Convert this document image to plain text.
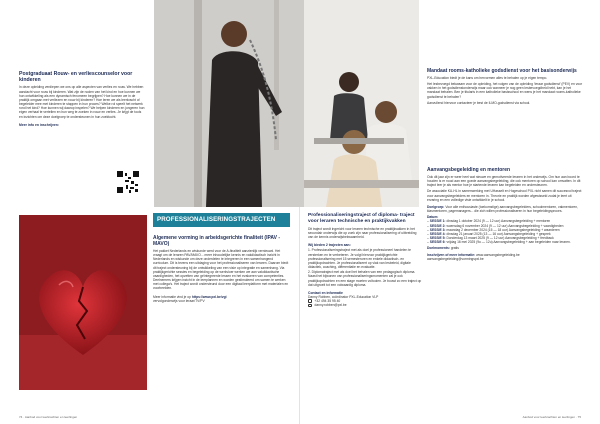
Postgraduaat Rouw- en verliescounselor voor kinderen

In deze opleiding verdiepen we ons op alle aspecten van verlies en rouw. We hebben aandacht voor rouw bij kinderen. Wat zijn de noden van het kind en hoe kunnen we hun ontwikkeling als een dynamisch fenomeen begrijpen? Hoe kunnen we in de praktijk omgaan met verliezen en rouw bij kinderen? Hoe leren we als leerkracht of begeleider mee met kinderen te stappen in hun proces? Welke rol speelt het netwerk rond het kind? Hoe kunnen wij daarop inspelen? We helpen kinderen en jongeren hun eigen verhaal te vertellen en hun weg te zoeken in rouw en verlies. Je krijgt de tools en inzichten om deze doelgroep te ondersteunen in hun zoektocht.

Meer info en inschrijven:

PROFESSIONALISERINGSTRAJECTEN

Algemene vorming in arbeidsgerichte finaliteit (IPAV - MAVO)

Het pakket Nederlands en wiskunde werd voor de A-finaliteit aanzienlijk vernieuwd. Het vraagt om de leraren PAV/MAVO... meer inhoudelijke kennis en vakdidactisch inzicht in Nederlands en wiskunde om deze onderdelen te integreren in een samenhangend curriculum. Dit is tevens een uitdaging voor het professionaliseren van leraren. Daarom biedt dit traject ondersteuning bij de ontwikkeling van een visie op integratie en samenhang. Via praktijkgerichte sessies en begeleiding op de werkvloer werken we aan vakdidactische vaardigheden, het opzetten van geïntegreerde lessen en het evalueren van competenties. Deelnemers krijgen inzicht in de leerplannen en worden gestimuleerd om samen te werken met collega's. Het traject wordt ondersteund door een digitaal leerplatform met materialen en voorbeelden.

Meer informatie vind je op https://www.pxl.be/vgi

vervolgonderwijs voor leraar/TV/PV

74 · Aanbod voor leerkrachten en leerlingen

Mandaat rooms-katholieke godsdienst voor het basisonderwijs

PXL-Education biedt je de kans om hervormen alles te behalen op je eigen tempo.

Het lesbevoegd bekwaam voor de opleiding, het volgen van de opleiding ‘leraar godsdienst’ (PEV) en voor vakken in het godsdienstonderwijs maar ook wanneer je nog geen lesbevoegdheid hebt, kan je het mandaat behalen. Ben je titularis in een katholieke basisschool en wens je het mandaat rooms-katholieke godsdienst te behalen?

Aanvullend hiervoor contacteer je best de ILMO-godsdienst via school.

Professionaliseringstraject of diploma- traject voor leraren technische en praktijkvakken

Dit traject wordt ingericht voor leraren technische en praktijkvakken in het secundair onderwijs die op zoek zijn naar professionalisering of uitbreiding van de kennis onderwijsbekwaamheid.

Wij bieden 2 trajecten aan:

1. Professionaliseringstraject met als doel je professioneel handelen te versterken en te verbeteren. Je volgt hiervoor praktijkgerichte professionalisering met 15 semesteruren en enkele didactisch- en praktijkopdrachten. Je professionaliseert op vlak van lesbeleid, digitale didactiek, coaching, differentiatie en evaluatie.

2. Diplomatraject met als doel het behalen van een pedagogisch diploma. Naast het bijwonen van professionaliseringsmomenten zal je ook praktijkopdrachten en een stage moeten voltooien. Je bouwt zo een traject op dat uitgroeit tot een volwaardig diploma.

Contact en informatie

Danny Robben, coördinator PXL-Education VLP

+32 494 35 95 40
danny.robben@pxl.be

Aanvangsbegeleiding en mentoren

Ook dit jaar zijn er weer heel wat nieuwe en gemotiveerde leraren in het onderwijs. Om hun aan boord te houden is er nood aan een goede aanvangsbegeleiding, die ook mentoren op school kan omvatten. In dit traject leer je als mentor hoe je startende leraren kan begeleiden en ondersteunen.

De associatie KU-HL in samenwerking met UHasselt en Hogeschool PXL richt samen dit succesvol traject voor aanvangsbegeleiders en mentoren in. Theorie en praktijk worden afgewisseld zodat je leert uit ervaring en een volledige visie ontwikkelt in je school.

Doelgroep: Voor alle enthousiaste (toekomstige) aanvangsbegeleiders, schoolmentoren, vakmentoren, klasmentoren, pagemanagers... die zich willen professionaliseren in hun begeleidingsproces.

Datum:

– SESSIE 1: dinsdag 1 oktober 2024 (9 — 12 uur) Aanvangsbegeleiding + mentoren
– SESSIE 2: woensdag 6 november 2024 (9 — 12 uur) Aanvangsbegeleiding + vaardigheden
– SESSIE 3: maandag 2 december 2024 (15 — 18 uur) Aanvangsbegeleiding + waarderen
– SESSIE 4: dinsdag 21 januari 2025 (13 — 16 uur) Aanvangsbegeleiding + gesprek
– SESSIE 5: Donderdag 13 maart 2025 (9 — 12 uur) Aanvangsbegeleiding + feedback
– SESSIE 6: vrijdag 16 mei 2025 (9u — 12u) Aanvangsbegeleiding + aan begeleiden naar leraren.

Doelmoments: gratis

Inschrijven of meer informatie: www.aanvangsbegeleiding.be

aanvangsbegeleiding@vormingspxl.be

Aanbod voor leerkrachten en leerlingen · 75
